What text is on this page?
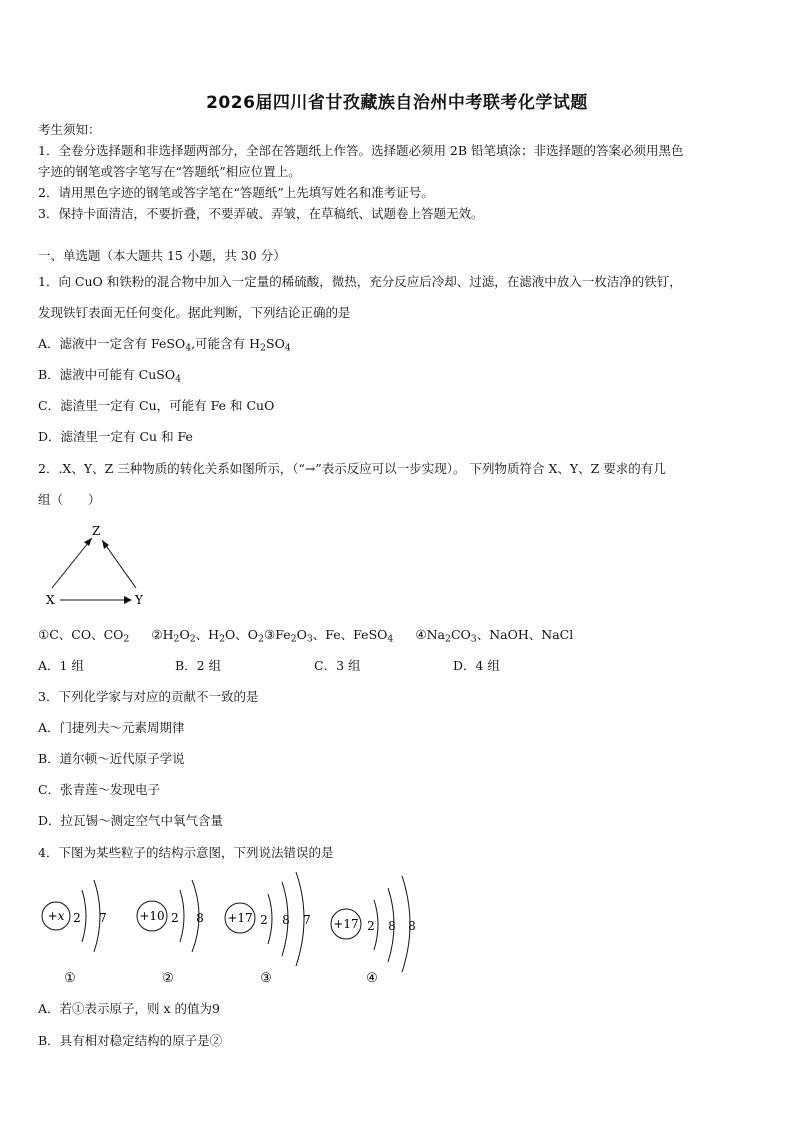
2026届四川省甘孜藏族自治州中考联考化学试题
考生须知：
1．全卷分选择题和非选择题两部分，全部在答题纸上作答。选择题必须用 2B 铅笔填涂；非选择题的答案必须用黑色
字迹的钢笔或答字笔写在“答题纸”相应位置上。
2．请用黑色字迹的钢笔或答字笔在“答题纸”上先填写姓名和准考证号。
3．保持卡面清洁，不要折叠，不要弄破、弄皱，在草稿纸、试题卷上答题无效。
一、单选题（本大题共 15 小题，共 30 分）
1．向 CuO 和铁粉的混合物中加入一定量的稀硫酸，微热，充分反应后冷却、过滤，在滤液中放入一枚洁净的铁钉，
发现铁钉表面无任何变化。据此判断，下列结论正确的是
A．滤液中一定含有 FeSO$_4$,可能含有 $H_2SO_4$
B．滤液中可能有 CuSO$_4$
C．滤渣里一定有 Cu，可能有 Fe 和 CuO
D．滤渣里一定有 Cu 和 Fe
2．.X、Y、Z 三种物质的转化关系如图所示，（“→”表示反应可以一步实现）。 下列物质符合 X、Y、Z 要求的有几
组（　　）
Z
X	Y
①C、CO、$CO_2$ $②H_2O_2$、$H_2O$、$O_2③Fe_2O_3$、Fe、FeSO$_4$ $④Na_2CO_3$、NaOH、NaCl
A．1 组	B．2 组	C．3 组	D．4 组
3．下列化学家与对应的贡献不一致的是
A．门捷列夫～元素周期律
B．道尔顿～近代原子学说
C．张青莲～发现电子
D．拉瓦锡～测定空气中氧气含量
4．下图为某些粒子的结构示意图，下列说法错误的是
+x 2 7
①
+10 2 8
②
+17 2 8 7
③
+17 2 8 8
④
A．若①表示原子，则 x 的值为9
B．具有相对稳定结构的原子是②
